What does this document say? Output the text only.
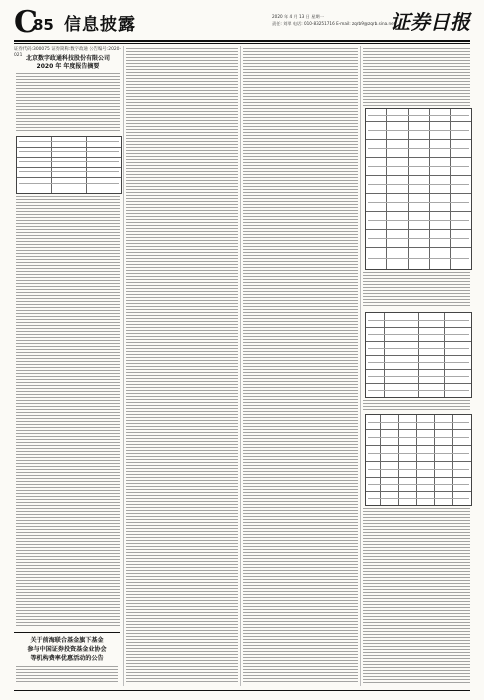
C
85 信息披露	2020 年 4 月 13 日 星期一
责任: 刘翠 电话: 010-83251716 E-mail: zqrb9@zqrb.sina.net
证券日报
证券代码:300075 证券简称:数字政通 公告编号:2020-021 北京数字政通科技股份有限公司
2020 年 年度报告摘要
关于前海联合基金旗下基金
参与中国证券投资基金业协会
等机构费率优惠活动的公告
